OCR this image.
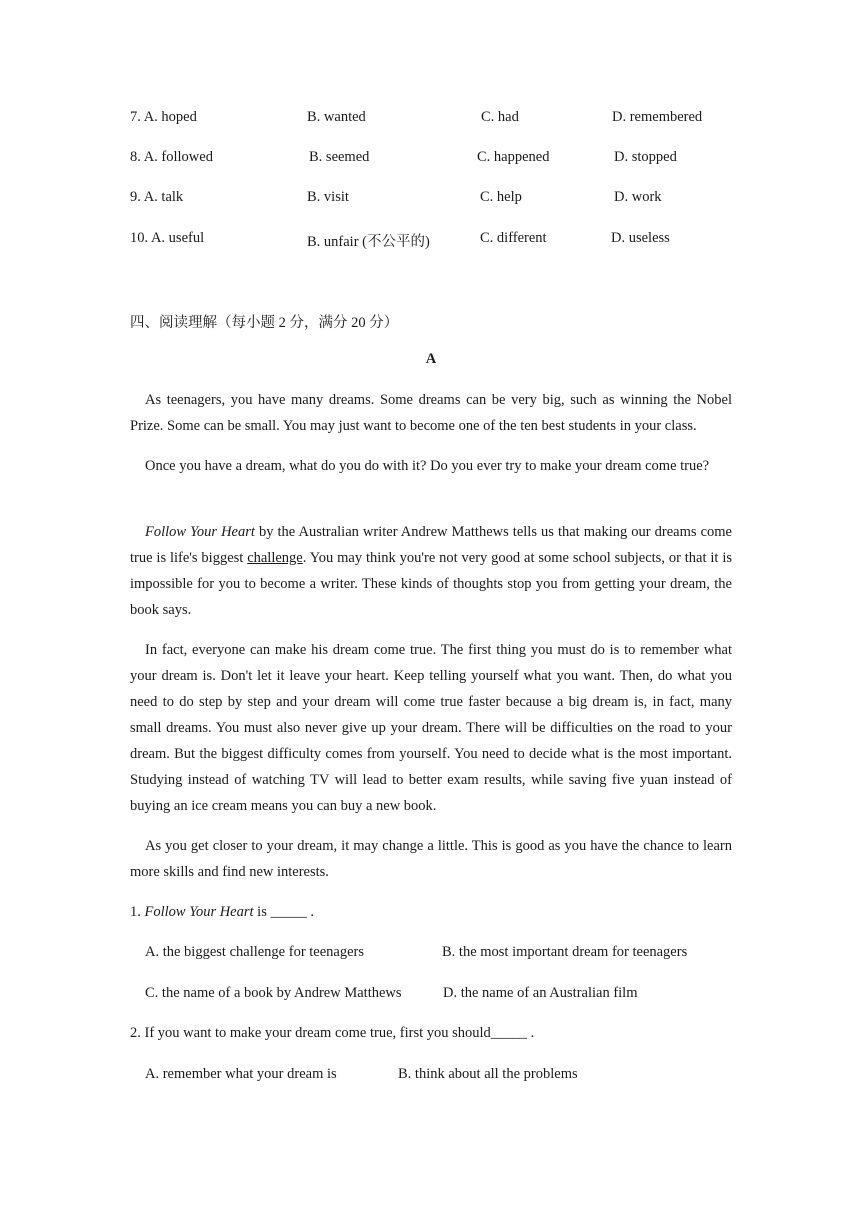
7. A. hoped	B. wanted	C. had	D. remembered
8. A. followed	B. seemed	C. happened	D. stopped
9. A. talk	B. visit	C. help	D. work
10. A. useful	B. unfair (不公平的)	C. different	D. useless
四、阅读理解（每小题 2 分，满分 20 分）
A
As teenagers, you have many dreams. Some dreams can be very big, such as winning the Nobel Prize. Some can be small. You may just want to become one of the ten best students in your class.
Once you have a dream, what do you do with it? Do you ever try to make your dream come true?
Follow Your Heart by the Australian writer Andrew Matthews tells us that making our dreams come true is life's biggest challenge. You may think you're not very good at some school subjects, or that it is impossible for you to become a writer. These kinds of thoughts stop you from getting your dream, the book says.
In fact, everyone can make his dream come true. The first thing you must do is to remember what your dream is. Don't let it leave your heart. Keep telling yourself what you want. Then, do what you need to do step by step and your dream will come true faster because a big dream is, in fact, many small dreams. You must also never give up your dream. There will be difficulties on the road to your dream. But the biggest difficulty comes from yourself. You need to decide what is the most important. Studying instead of watching TV will lead to better exam results, while saving five yuan instead of buying an ice cream means you can buy a new book.
As you get closer to your dream, it may change a little. This is good as you have the chance to learn more skills and find new interests.
1. Follow Your Heart is _____ .
A. the biggest challenge for teenagers	B. the most important dream for teenagers
C. the name of a book by Andrew Matthews	D. the name of an Australian film
2. If you want to make your dream come true, first you should_____ .
A. remember what your dream is	B. think about all the problems
